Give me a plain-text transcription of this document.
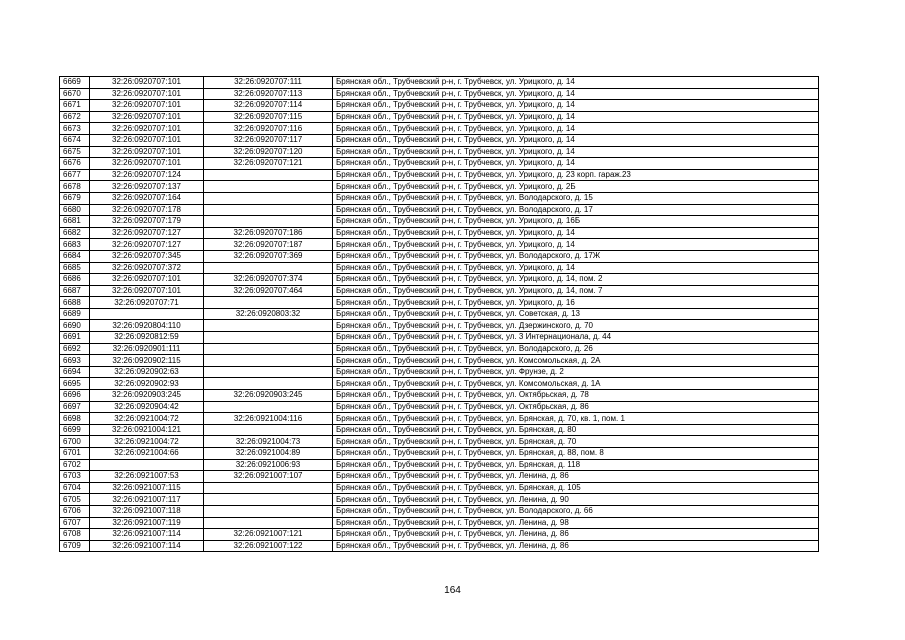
6669	32:26:0920707:101	32:26:0920707:111	Брянская обл., Трубчевский р-н, г. Трубчевск, ул. Урицкого, д. 14
6670	32:26:0920707:101	32:26:0920707:113	Брянская обл., Трубчевский р-н, г. Трубчевск, ул. Урицкого, д. 14
6671	32:26:0920707:101	32:26:0920707:114	Брянская обл., Трубчевский р-н, г. Трубчевск, ул. Урицкого, д. 14
6672	32:26:0920707:101	32:26:0920707:115	Брянская обл., Трубчевский р-н, г. Трубчевск, ул. Урицкого, д. 14
6673	32:26:0920707:101	32:26:0920707:116	Брянская обл., Трубчевский р-н, г. Трубчевск, ул. Урицкого, д. 14
6674	32:26:0920707:101	32:26:0920707:117	Брянская обл., Трубчевский р-н, г. Трубчевск, ул. Урицкого, д. 14
6675	32:26:0920707:101	32:26:0920707:120	Брянская обл., Трубчевский р-н, г. Трубчевск, ул. Урицкого, д. 14
6676	32:26:0920707:101	32:26:0920707:121	Брянская обл., Трубчевский р-н, г. Трубчевск, ул. Урицкого, д. 14
6677	32:26:0920707:124		Брянская обл., Трубчевский р-н, г. Трубчевск, ул. Урицкого, д. 23 корп. гараж.23
6678	32:26:0920707:137		Брянская обл., Трубчевский р-н, г. Трубчевск, ул. Урицкого, д. 2Б
6679	32:26:0920707:164		Брянская обл., Трубчевский р-н, г. Трубчевск, ул. Володарского, д. 15
6680	32:26:0920707:178		Брянская обл., Трубчевский р-н, г. Трубчевск, ул. Володарского, д. 17
6681	32:26:0920707:179		Брянская обл., Трубчевский р-н, г. Трубчевск, ул. Урицкого, д. 16Б
6682	32:26:0920707:127	32:26:0920707:186	Брянская обл., Трубчевский р-н, г. Трубчевск, ул. Урицкого, д. 14
6683	32:26:0920707:127	32:26:0920707:187	Брянская обл., Трубчевский р-н, г. Трубчевск, ул. Урицкого, д. 14
6684	32:26:0920707:345	32:26:0920707:369	Брянская обл., Трубчевский р-н, г. Трубчевск, ул. Володарского, д. 17Ж
6685	32:26:0920707:372		Брянская обл., Трубчевский р-н, г. Трубчевск, ул. Урицкого, д. 14
6686	32:26:0920707:101	32:26:0920707:374	Брянская обл., Трубчевский р-н, г. Трубчевск, ул. Урицкого, д. 14, пом. 2
6687	32:26:0920707:101	32:26:0920707:464	Брянская обл., Трубчевский р-н, г. Трубчевск, ул. Урицкого, д. 14, пом. 7
6688	32:26:0920707:71		Брянская обл., Трубчевский р-н, г. Трубчевск, ул. Урицкого, д. 16
6689		32:26:0920803:32	Брянская обл., Трубчевский р-н, г. Трубчевск, ул. Советская, д. 13
6690	32:26:0920804:110		Брянская обл., Трубчевский р-н, г. Трубчевск, ул. Дзержинского, д. 70
6691	32:26:0920812:59		Брянская обл., Трубчевский р-н, г. Трубчевск, ул. 3 Интернационала, д. 44
6692	32:26:0920901:111		Брянская обл., Трубчевский р-н, г. Трубчевск, ул. Володарского, д. 26
6693	32:26:0920902:115		Брянская обл., Трубчевский р-н, г. Трубчевск, ул. Комсомольская, д. 2А
6694	32:26:0920902:63		Брянская обл., Трубчевский р-н, г. Трубчевск, ул. Фрунзе, д. 2
6695	32:26:0920902:93		Брянская обл., Трубчевский р-н, г. Трубчевск, ул. Комсомольская, д. 1А
6696	32:26:0920903:245	32:26:0920903:245	Брянская обл., Трубчевский р-н, г. Трубчевск, ул. Октябрьская, д. 78
6697	32:26:0920904:42		Брянская обл., Трубчевский р-н, г. Трубчевск, ул. Октябрьская, д. 86
6698	32:26:0921004:72	32:26:0921004:116	Брянская обл., Трубчевский р-н, г. Трубчевск, ул. Брянская, д. 70, кв. 1, пом. 1
6699	32:26:0921004:121		Брянская обл., Трубчевский р-н, г. Трубчевск, ул. Брянская, д. 80
6700	32:26:0921004:72	32:26:0921004:73	Брянская обл., Трубчевский р-н, г. Трубчевск, ул. Брянская, д. 70
6701	32:26:0921004:66	32:26:0921004:89	Брянская обл., Трубчевский р-н, г. Трубчевск, ул. Брянская, д. 88, пом. 8
6702		32:26:0921006:93	Брянская обл., Трубчевский р-н, г. Трубчевск, ул. Брянская, д. 118
6703	32:26:0921007:53	32:26:0921007:107	Брянская обл., Трубчевский р-н, г. Трубчевск, ул. Ленина, д. 86
6704	32:26:0921007:115		Брянская обл., Трубчевский р-н, г. Трубчевск, ул. Брянская, д. 105
6705	32:26:0921007:117		Брянская обл., Трубчевский р-н, г. Трубчевск, ул. Ленина, д. 90
6706	32:26:0921007:118		Брянская обл., Трубчевский р-н, г. Трубчевск, ул. Володарского, д. 66
6707	32:26:0921007:119		Брянская обл., Трубчевский р-н, г. Трубчевск, ул. Ленина, д. 98
6708	32:26:0921007:114	32:26:0921007:121	Брянская обл., Трубчевский р-н, г. Трубчевск, ул. Ленина, д. 86
6709	32:26:0921007:114	32:26:0921007:122	Брянская обл., Трубчевский р-н, г. Трубчевск, ул. Ленина, д. 86
164
